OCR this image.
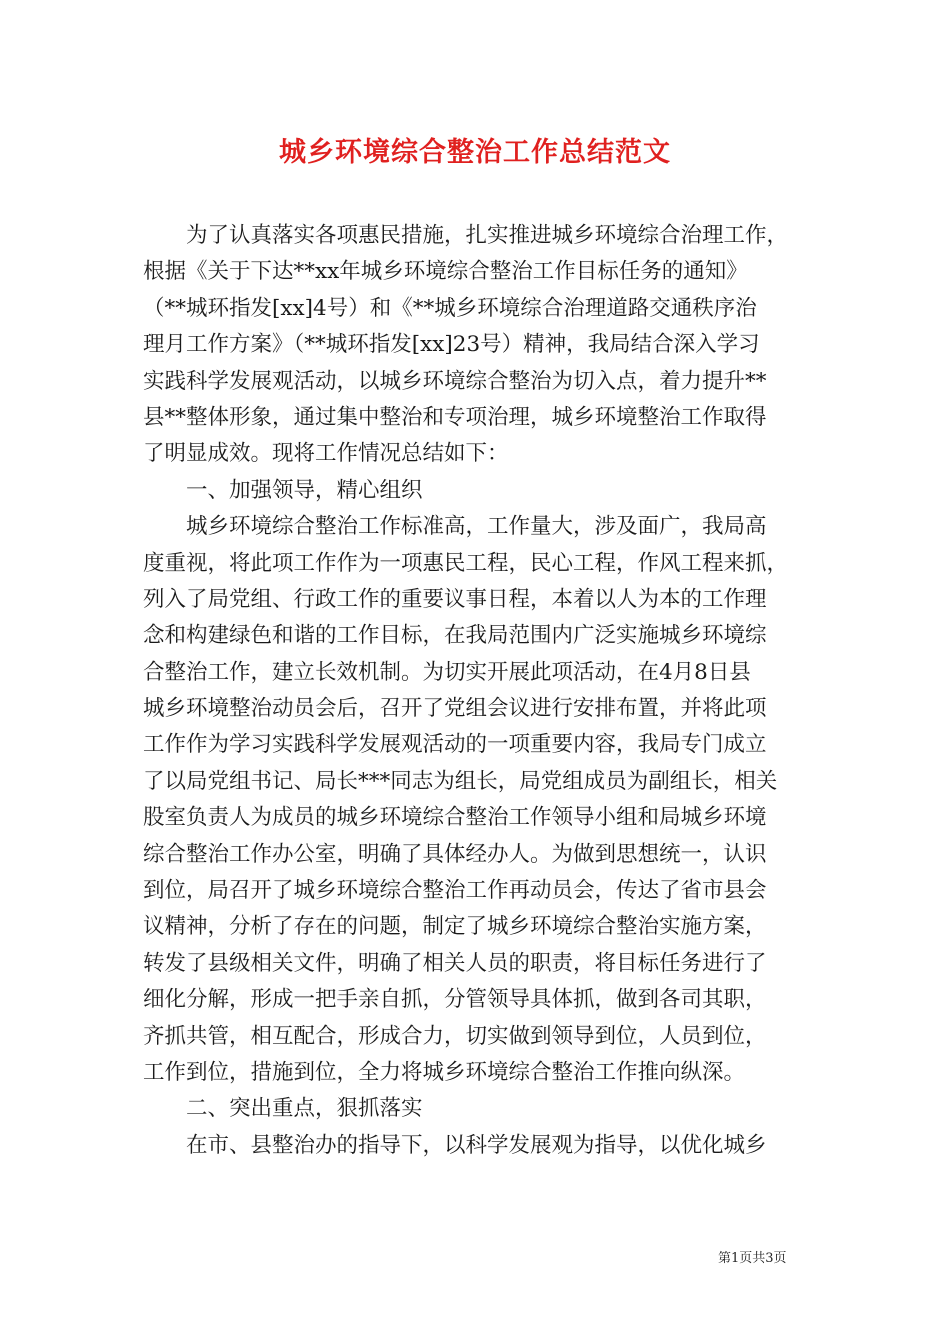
城乡环境综合整治工作总结范文
　　为了认真落实各项惠民措施，扎实推进城乡环境综合治理工作，
根据《关于下达**xx年城乡环境综合整治工作目标任务的通知》
（**城环指发[xx]4号）和《**城乡环境综合治理道路交通秩序治
理月工作方案》（**城环指发[xx]23号）精神，我局结合深入学习
实践科学发展观活动，以城乡环境综合整治为切入点，着力提升**
县**整体形象，通过集中整治和专项治理，城乡环境整治工作取得
了明显成效。现将工作情况总结如下：
　　一、加强领导，精心组织
　　城乡环境综合整治工作标准高，工作量大，涉及面广，我局高
度重视，将此项工作作为一项惠民工程，民心工程，作风工程来抓，
列入了局党组、行政工作的重要议事日程，本着以人为本的工作理
念和构建绿色和谐的工作目标，在我局范围内广泛实施城乡环境综
合整治工作，建立长效机制。为切实开展此项活动，在4月8日县
城乡环境整治动员会后，召开了党组会议进行安排布置，并将此项
工作作为学习实践科学发展观活动的一项重要内容，我局专门成立
了以局党组书记、局长***同志为组长，局党组成员为副组长，相关
股室负责人为成员的城乡环境综合整治工作领导小组和局城乡环境
综合整治工作办公室，明确了具体经办人。为做到思想统一，认识
到位，局召开了城乡环境综合整治工作再动员会，传达了省市县会
议精神，分析了存在的问题，制定了城乡环境综合整治实施方案，
转发了县级相关文件，明确了相关人员的职责，将目标任务进行了
细化分解，形成一把手亲自抓，分管领导具体抓，做到各司其职，
齐抓共管，相互配合，形成合力，切实做到领导到位，人员到位，
工作到位，措施到位，全力将城乡环境综合整治工作推向纵深。
　　二、突出重点，狠抓落实
　　在市、县整治办的指导下，以科学发展观为指导，以优化城乡
第1页共3页
